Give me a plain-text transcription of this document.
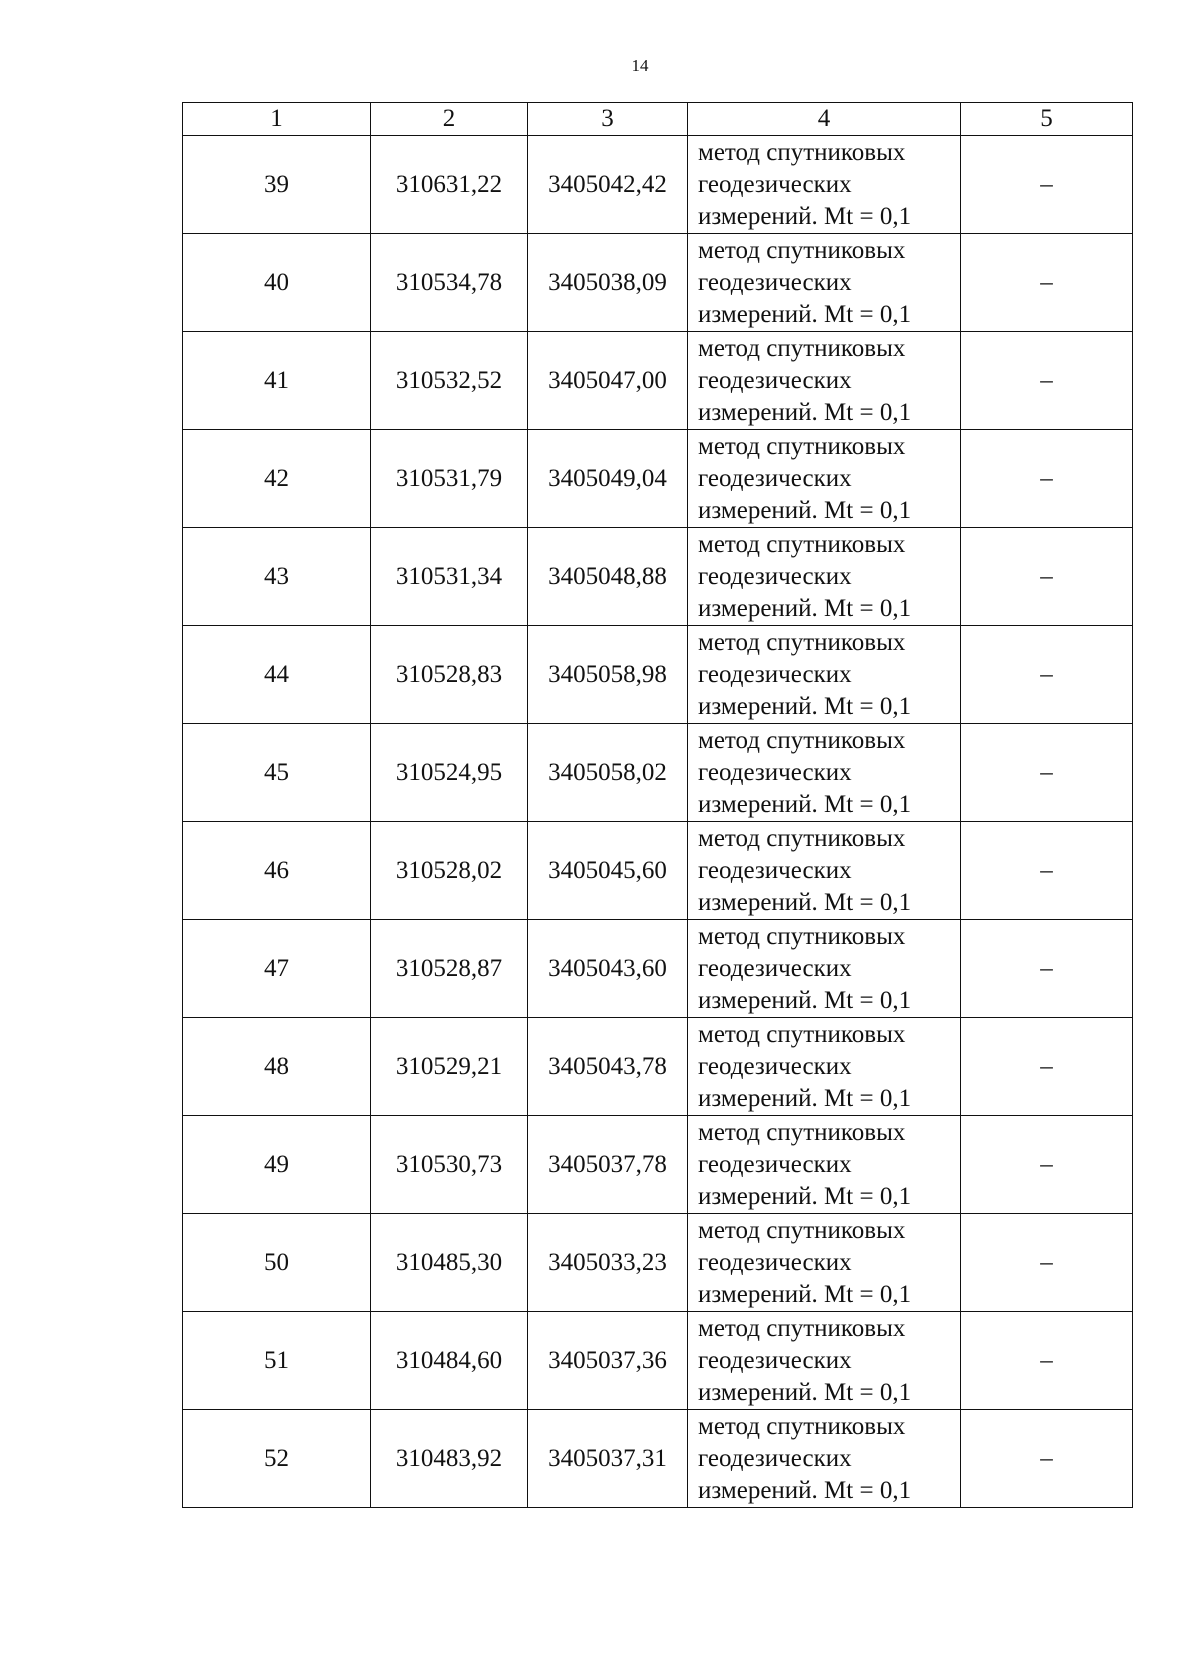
14
1	2	3	4	5
39	310631,22	3405042,42	метод спутниковых
геодезических
измерений. Mt = 0,1	–
40	310534,78	3405038,09	метод спутниковых
геодезических
измерений. Mt = 0,1	–
41	310532,52	3405047,00	метод спутниковых
геодезических
измерений. Mt = 0,1	–
42	310531,79	3405049,04	метод спутниковых
геодезических
измерений. Mt = 0,1	–
43	310531,34	3405048,88	метод спутниковых
геодезических
измерений. Mt = 0,1	–
44	310528,83	3405058,98	метод спутниковых
геодезических
измерений. Mt = 0,1	–
45	310524,95	3405058,02	метод спутниковых
геодезических
измерений. Mt = 0,1	–
46	310528,02	3405045,60	метод спутниковых
геодезических
измерений. Mt = 0,1	–
47	310528,87	3405043,60	метод спутниковых
геодезических
измерений. Mt = 0,1	–
48	310529,21	3405043,78	метод спутниковых
геодезических
измерений. Mt = 0,1	–
49	310530,73	3405037,78	метод спутниковых
геодезических
измерений. Mt = 0,1	–
50	310485,30	3405033,23	метод спутниковых
геодезических
измерений. Mt = 0,1	–
51	310484,60	3405037,36	метод спутниковых
геодезических
измерений. Mt = 0,1	–
52	310483,92	3405037,31	метод спутниковых
геодезических
измерений. Mt = 0,1	–
